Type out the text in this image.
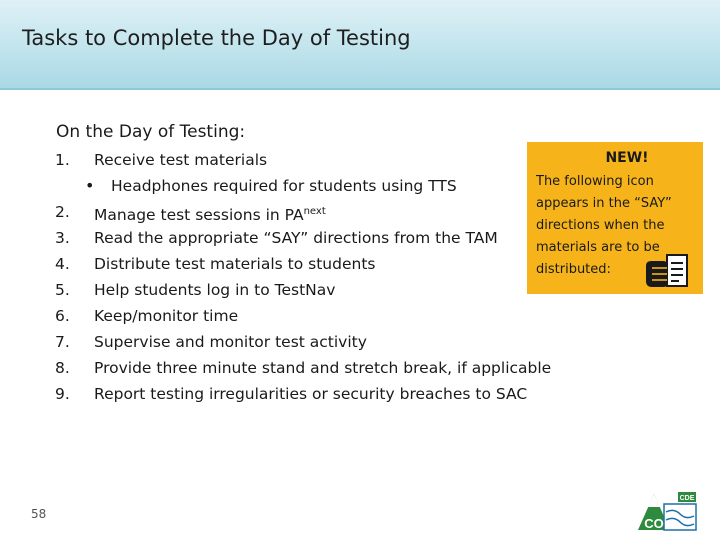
Tasks to Complete the Day of Testing
On the Day of Testing:
1.	Receive test materials
• Headphones required for students using TTS
2.	Manage test sessions in $PA^{next}$
3.	Read the appropriate “SAY” directions from the TAM
4.	Distribute test materials to students
5.	Help students log in to TestNav
6.	Keep/monitor time
7.	Supervise and monitor test activity
8.	Provide three minute stand and stretch break, if applicable
9.	Report testing irregularities or security breaches to SAC
NEW!
The following icon
appears in the “SAY”
directions when the
materials are to be
distributed:
58
CDE
CO
